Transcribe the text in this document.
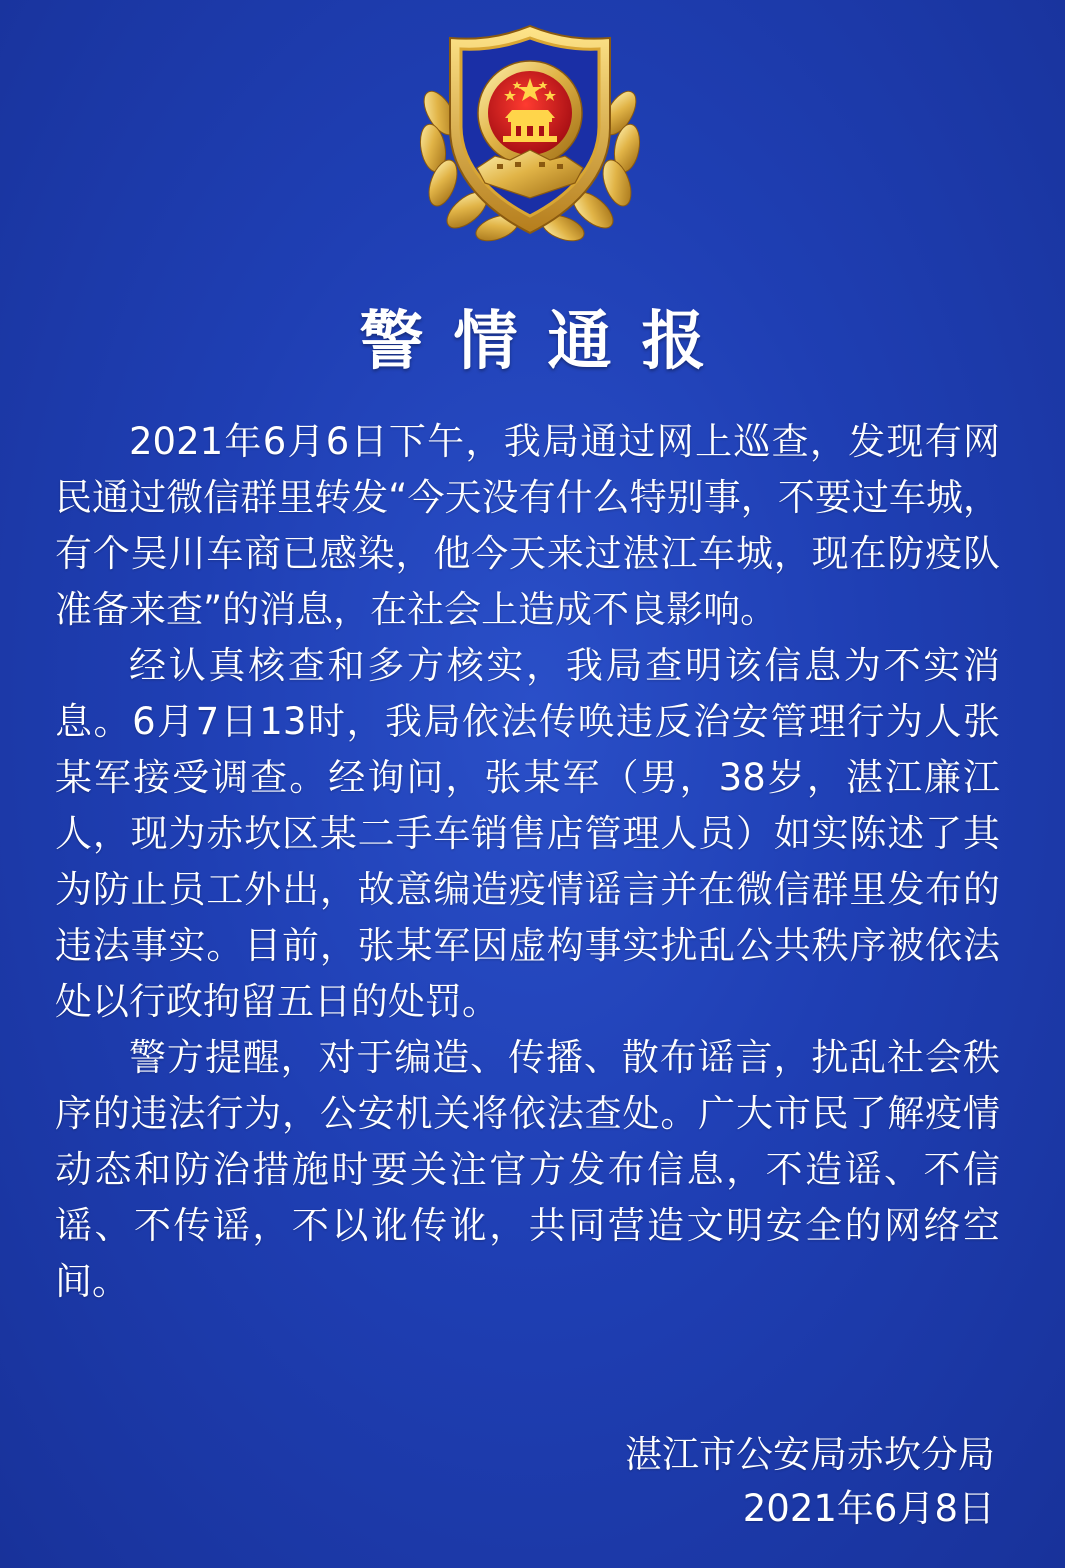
警情通报

2021年6月6日下午，我局通过网上巡查，发现有网民通过微信群里转发“今天没有什么特别事，不要过车城，有个吴川车商已感染，他今天来过湛江车城，现在防疫队准备来查”的消息，在社会上造成不良影响。

经认真核查和多方核实，我局查明该信息为不实消息。6月7日13时，我局依法传唤违反治安管理行为人张某军接受调查。经询问，张某军（男，38岁，湛江廉江人，现为赤坎区某二手车销售店管理人员）如实陈述了其为防止员工外出，故意编造疫情谣言并在微信群里发布的违法事实。目前，张某军因虚构事实扰乱公共秩序被依法处以行政拘留五日的处罚。

警方提醒，对于编造、传播、散布谣言，扰乱社会秩序的违法行为，公安机关将依法查处。广大市民了解疫情动态和防治措施时要关注官方发布信息，不造谣、不信谣、不传谣，不以讹传讹，共同营造文明安全的网络空间。

湛江市公安局赤坎分局
2021年6月8日
